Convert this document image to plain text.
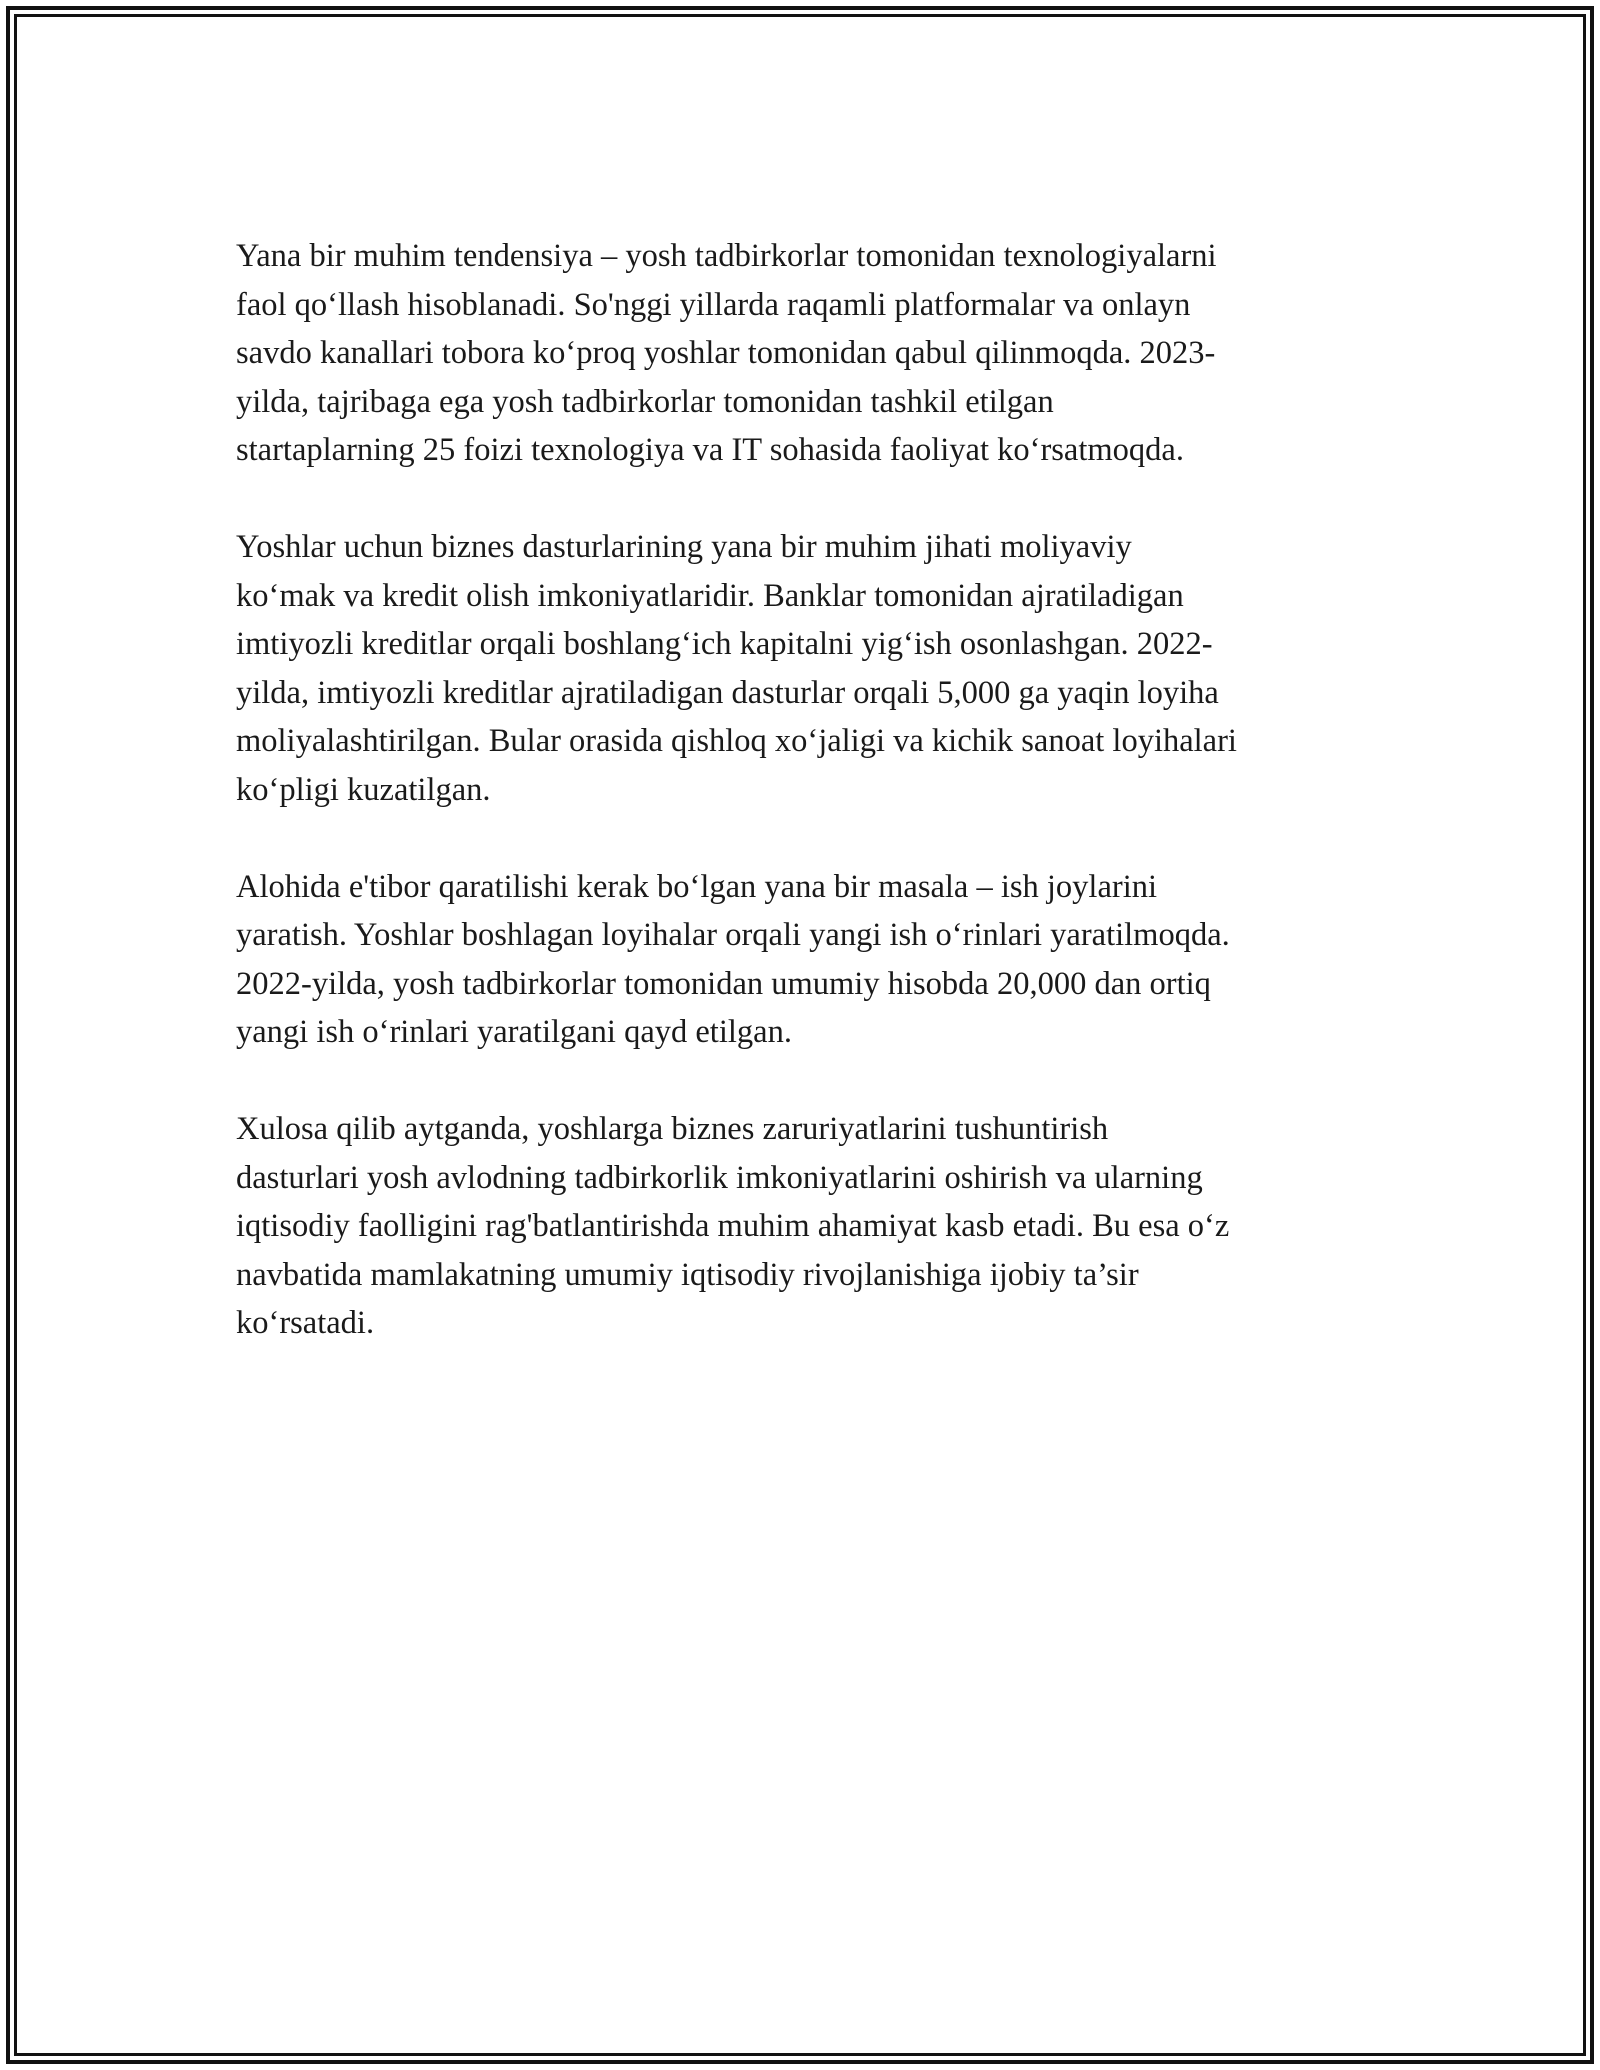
Yana bir muhim tendensiya – yosh tadbirkorlar tomonidan texnologiyalarni
faol qo‘llash hisoblanadi. So'nggi yillarda raqamli platformalar va onlayn
savdo kanallari tobora ko‘proq yoshlar tomonidan qabul qilinmoqda. 2023-
yilda, tajribaga ega yosh tadbirkorlar tomonidan tashkil etilgan
startaplarning 25 foizi texnologiya va IT sohasida faoliyat ko‘rsatmoqda.

Yoshlar uchun biznes dasturlarining yana bir muhim jihati moliyaviy
ko‘mak va kredit olish imkoniyatlaridir. Banklar tomonidan ajratiladigan
imtiyozli kreditlar orqali boshlang‘ich kapitalni yig‘ish osonlashgan. 2022-
yilda, imtiyozli kreditlar ajratiladigan dasturlar orqali 5,000 ga yaqin loyiha
moliyalashtirilgan. Bular orasida qishloq xo‘jaligi va kichik sanoat loyihalari
ko‘pligi kuzatilgan.

Alohida e'tibor qaratilishi kerak bo‘lgan yana bir masala – ish joylarini
yaratish. Yoshlar boshlagan loyihalar orqali yangi ish o‘rinlari yaratilmoqda.
2022-yilda, yosh tadbirkorlar tomonidan umumiy hisobda 20,000 dan ortiq
yangi ish o‘rinlari yaratilgani qayd etilgan.

Xulosa qilib aytganda, yoshlarga biznes zaruriyatlarini tushuntirish
dasturlari yosh avlodning tadbirkorlik imkoniyatlarini oshirish va ularning
iqtisodiy faolligini rag'batlantirishda muhim ahamiyat kasb etadi. Bu esa o‘z
navbatida mamlakatning umumiy iqtisodiy rivojlanishiga ijobiy ta’sir
ko‘rsatadi.
